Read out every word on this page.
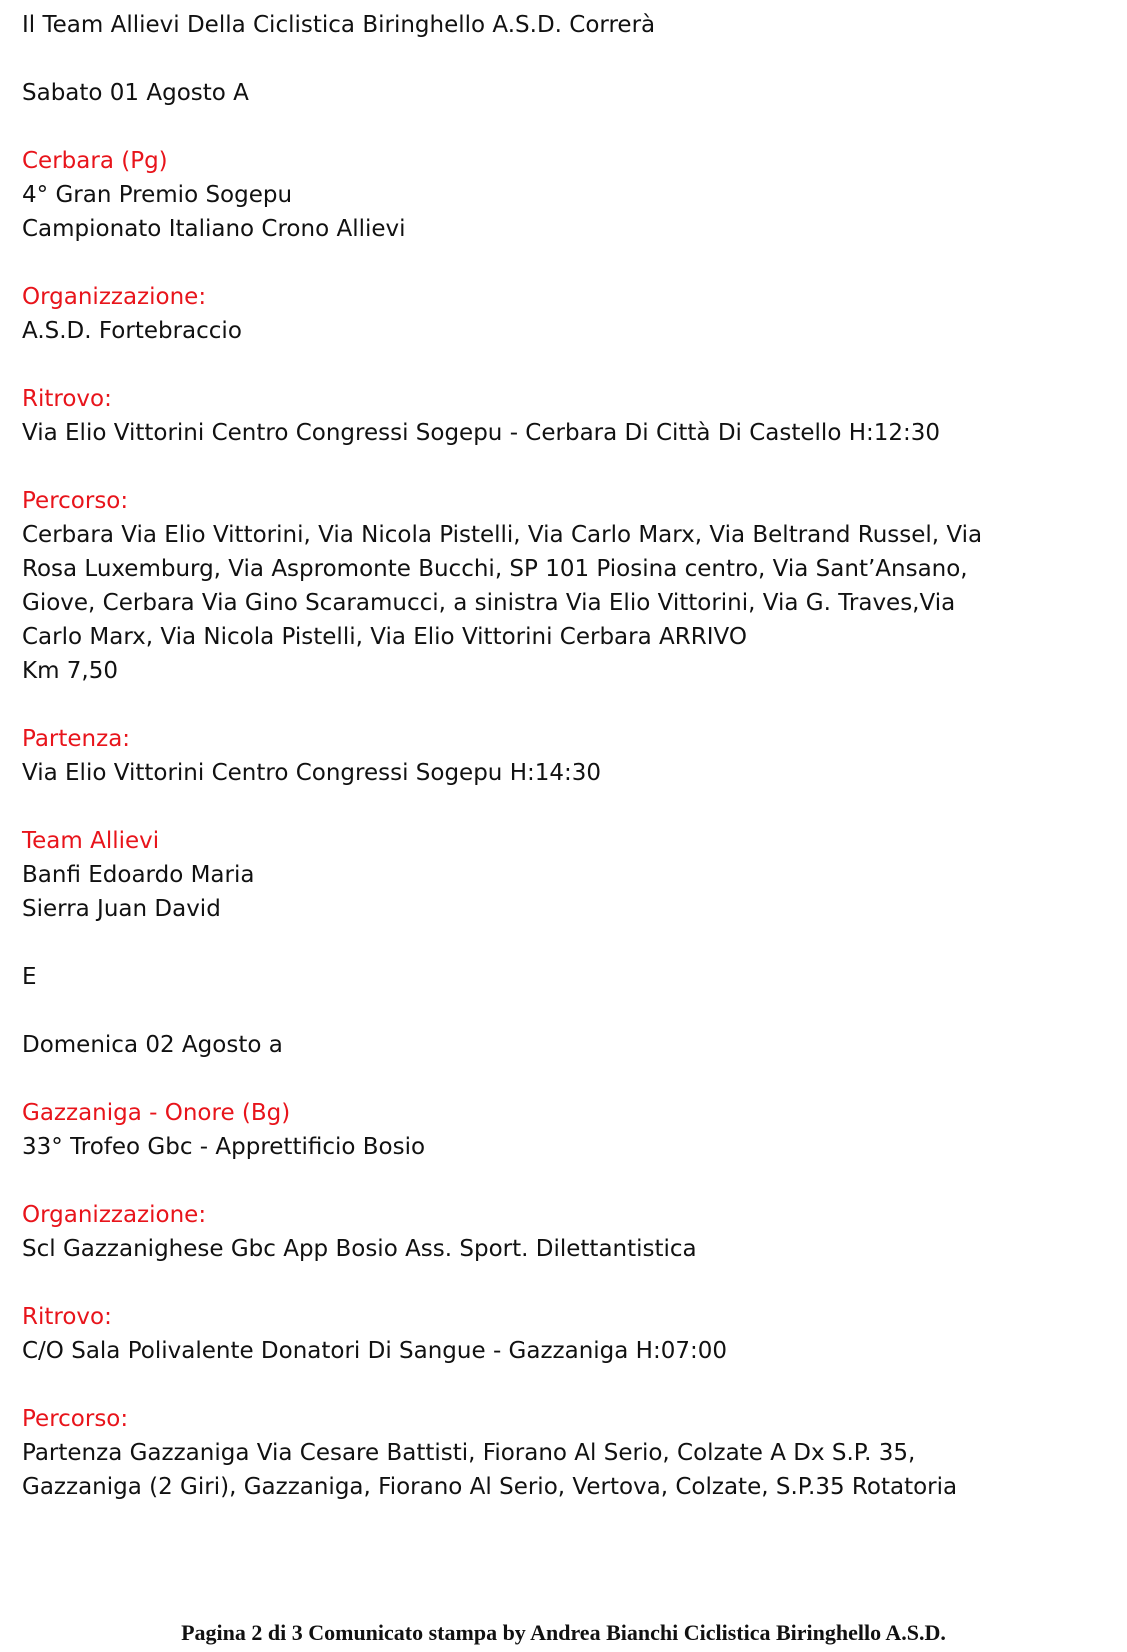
Il Team Allievi Della Ciclistica Biringhello A.S.D. Correrà
Sabato 01 Agosto A
Cerbara (Pg)
4° Gran Premio Sogepu
Campionato Italiano Crono Allievi
Organizzazione:
A.S.D. Fortebraccio
Ritrovo:
Via Elio Vittorini Centro Congressi Sogepu - Cerbara Di Città Di Castello H:12:30
Percorso:
Cerbara Via Elio Vittorini, Via Nicola Pistelli, Via Carlo Marx, Via Beltrand Russel, Via
Rosa Luxemburg, Via Aspromonte Bucchi, SP 101 Piosina centro, Via Sant’Ansano,
Giove, Cerbara Via Gino Scaramucci, a sinistra Via Elio Vittorini, Via G. Traves,Via
Carlo Marx, Via Nicola Pistelli, Via Elio Vittorini Cerbara ARRIVO
Km 7,50
Partenza:
Via Elio Vittorini Centro Congressi Sogepu H:14:30
Team Allievi
Banfi Edoardo Maria
Sierra Juan David
E
Domenica 02 Agosto a
Gazzaniga - Onore (Bg)
33° Trofeo Gbc - Apprettificio Bosio
Organizzazione:
Scl Gazzanighese Gbc App Bosio Ass. Sport. Dilettantistica
Ritrovo:
C/O Sala Polivalente Donatori Di Sangue - Gazzaniga H:07:00
Percorso:
Partenza Gazzaniga Via Cesare Battisti, Fiorano Al Serio, Colzate A Dx S.P. 35,
Gazzaniga (2 Giri), Gazzaniga, Fiorano Al Serio, Vertova, Colzate, S.P.35 Rotatoria
Pagina 2 di 3 Comunicato stampa by Andrea Bianchi Ciclistica Biringhello A.S.D.
